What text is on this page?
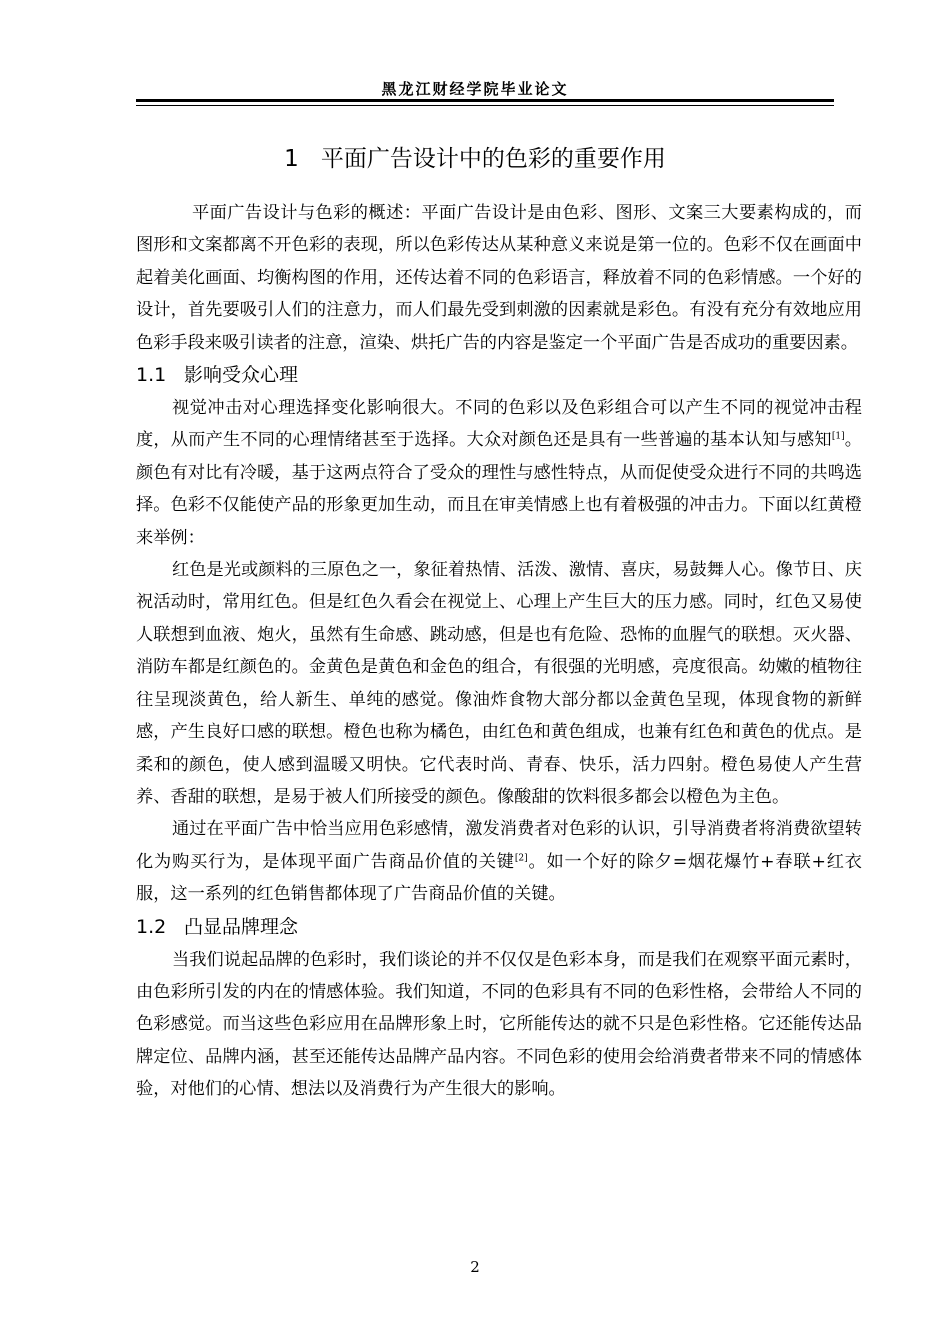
黑龙江财经学院毕业论文
1 平面广告设计中的色彩的重要作用

平面广告设计与色彩的概述：平面广告设计是由色彩、图形、文案三大要素构成的，而图形和文案都离不开色彩的表现，所以色彩传达从某种意义来说是第一位的。色彩不仅在画面中起着美化画面、均衡构图的作用，还传达着不同的色彩语言，释放着不同的色彩情感。一个好的设计，首先要吸引人们的注意力，而人们最先受到刺激的因素就是彩色。有没有充分有效地应用色彩手段来吸引读者的注意，渲染、烘托广告的内容是鉴定一个平面广告是否成功的重要因素。

1.1 影响受众心理

视觉冲击对心理选择变化影响很大。不同的色彩以及色彩组合可以产生不同的视觉冲击程度，从而产生不同的心理情绪甚至于选择。大众对颜色还是具有一些普遍的基本认知与感知[1]。颜色有对比有冷暖，基于这两点符合了受众的理性与感性特点，从而促使受众进行不同的共鸣选择。色彩不仅能使产品的形象更加生动，而且在审美情感上也有着极强的冲击力。下面以红黄橙来举例：

红色是光或颜料的三原色之一，象征着热情、活泼、激情、喜庆，易鼓舞人心。像节日、庆祝活动时，常用红色。但是红色久看会在视觉上、心理上产生巨大的压力感。同时，红色又易使人联想到血液、炮火，虽然有生命感、跳动感，但是也有危险、恐怖的血腥气的联想。灭火器、消防车都是红颜色的。金黄色是黄色和金色的组合，有很强的光明感，亮度很高。幼嫩的植物往往呈现淡黄色，给人新生、单纯的感觉。像油炸食物大部分都以金黄色呈现，体现食物的新鲜感，产生良好口感的联想。橙色也称为橘色，由红色和黄色组成，也兼有红色和黄色的优点。是柔和的颜色，使人感到温暖又明快。它代表时尚、青春、快乐，活力四射。橙色易使人产生营养、香甜的联想，是易于被人们所接受的颜色。像酸甜的饮料很多都会以橙色为主色。

通过在平面广告中恰当应用色彩感情，激发消费者对色彩的认识，引导消费者将消费欲望转化为购买行为，是体现平面广告商品价值的关键[2]。如一个好的除夕=烟花爆竹+春联+红衣服，这一系列的红色销售都体现了广告商品价值的关键。

1.2 凸显品牌理念

当我们说起品牌的色彩时，我们谈论的并不仅仅是色彩本身，而是我们在观察平面元素时，由色彩所引发的内在的情感体验。我们知道，不同的色彩具有不同的色彩性格，会带给人不同的色彩感觉。而当这些色彩应用在品牌形象上时，它所能传达的就不只是色彩性格。它还能传达品牌定位、品牌内涵，甚至还能传达品牌产品内容。不同色彩的使用会给消费者带来不同的情感体验，对他们的心情、想法以及消费行为产生很大的影响。

2
